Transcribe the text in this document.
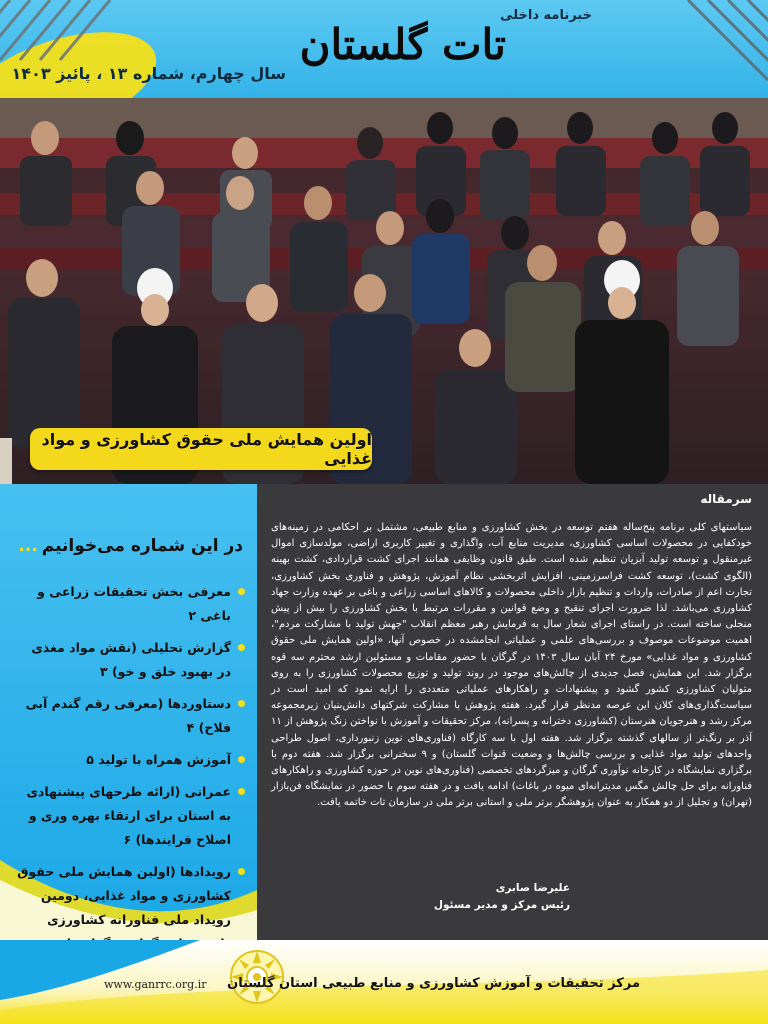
خبرنامه داخلی
تات گلستان
سال چهارم، شماره ۱۳ ، پائیز ۱۴۰۳
اولین همایش ملی حقوق کشاورزی و مواد غذایی
در این شماره می‌خوانیم...
معرفی بخش تحقیقات زراعی و باغی ۲
گزارش تحلیلی (نقش مواد مغذی در بهبود خلق و خو) ۳
دستاوردها (معرفی رقم گندم آبی فلاح) ۴
آموزش همراه با تولید ۵
عمرانی (ارائه طرحهای پیشنهادی به استان برای ارتقاء بهره وری و اصلاح فرایندها) ۶
رویدادها (اولین همایش ملی حقوق کشاورزی و مواد غذایی، دومین رویداد ملی فناورانه کشاورزی
سرمقاله
سیاستهای کلی برنامه پنج‌ساله هفتم توسعه در بخش کشاورزی و منابع طبیعی، مشتمل بر احکامی در زمینه‌های خودکفایی در محصولات اساسی کشاورزی، مدیریت منابع آب، واگذاری و تغییر کاربری اراضی، مولدسازی اموال غیرمنقول و توسعه تولید آبزیان تنظیم شده است. طبق قانون وظایفی همانند اجرای کشت قراردادی، کشت بهینه (الگوی کشت)، توسعه کشت فراسرزمینی، افزایش اثربخشی نظام آموزش، پژوهش و فناوری بخش کشاورزی، تجارت اعم از صادرات، واردات و تنظیم بازار داخلی محصولات و کالاهای اساسی زراعی و باغی بر عهده وزارت جهاد کشاورزی می‌باشد. لذا ضرورت اجرای تنقیح و وضع قوانین و مقررات مرتبط با بخش کشاورزی را بیش از پیش منجلی ساخته است. در راستای اجرای شعار سال به فرمایش رهبر معظم انقلاب "جهش تولید با مشارکت مردم"، اهمیت موضوعات موصوف و بررسی‌های علمی و عملیاتی انجامشده در خصوص آنها، «اولین همایش ملی حقوق کشاورزی و مواد غذایی» مورخ ۲۴ آبان سال ۱۴۰۳ در گرگان با حضور مقامات و مسئولین ارشد محترم سه قوه برگزار شد. این همایش، فصل جدیدی از چالش‌های موجود در روند تولید و توزیع محصولات کشاورزی را به روی متولیان کشاورزی کشور گشود و پیشنهادات و راهکارهای عملیاتی متعددی را ارایه نمود که امید است در سیاست‌گذاری‌های کلان این عرصه مدنظر قرار گیرد. هفته پژوهش با مشارکت شرکتهای دانش‌بنیان زیرمجموعه مرکز رشد و هنرجویان هنرستان (کشاورزی دخترانه و پسرانه)، مرکز تحقیقات و آموزش با نواختن زنگ پژوهش از ۱۱ آذر بر رنگ‌تر از سالهای گذشته برگزار شد. هفته اول با سه کارگاه (فناوری‌های نوین زنبورداری، اصول طراحی واحدهای تولید مواد غذایی و بررسی چالش‌ها و وضعیت قنوات گلستان) و ۹ سخنرانی برگزار شد. هفته دوم با برگزاری نمایشگاه در کارخانه نوآوری گرگان و میزگردهای تخصصی (فناوری‌های نوین در حوزه کشاورزی و راهکارهای فناورانه برای حل چالش مگس مدیترانه‌ای میوه در باغات) ادامه یافت و در هفته سوم با حضور در نمایشگاه فن‌بازار (تهران) و تجلیل از دو همکار به عنوان پژوهشگر برتر ملی و استانی برتر ملی در سازمان تات خاتمه یافت.
علیرضا صابری
رئیس مرکز و مدیر مسئول
مرکز تحقیقات و آموزش کشاورزی و منابع طبیعی استان گلستان
www.ganrrc.org.ir
